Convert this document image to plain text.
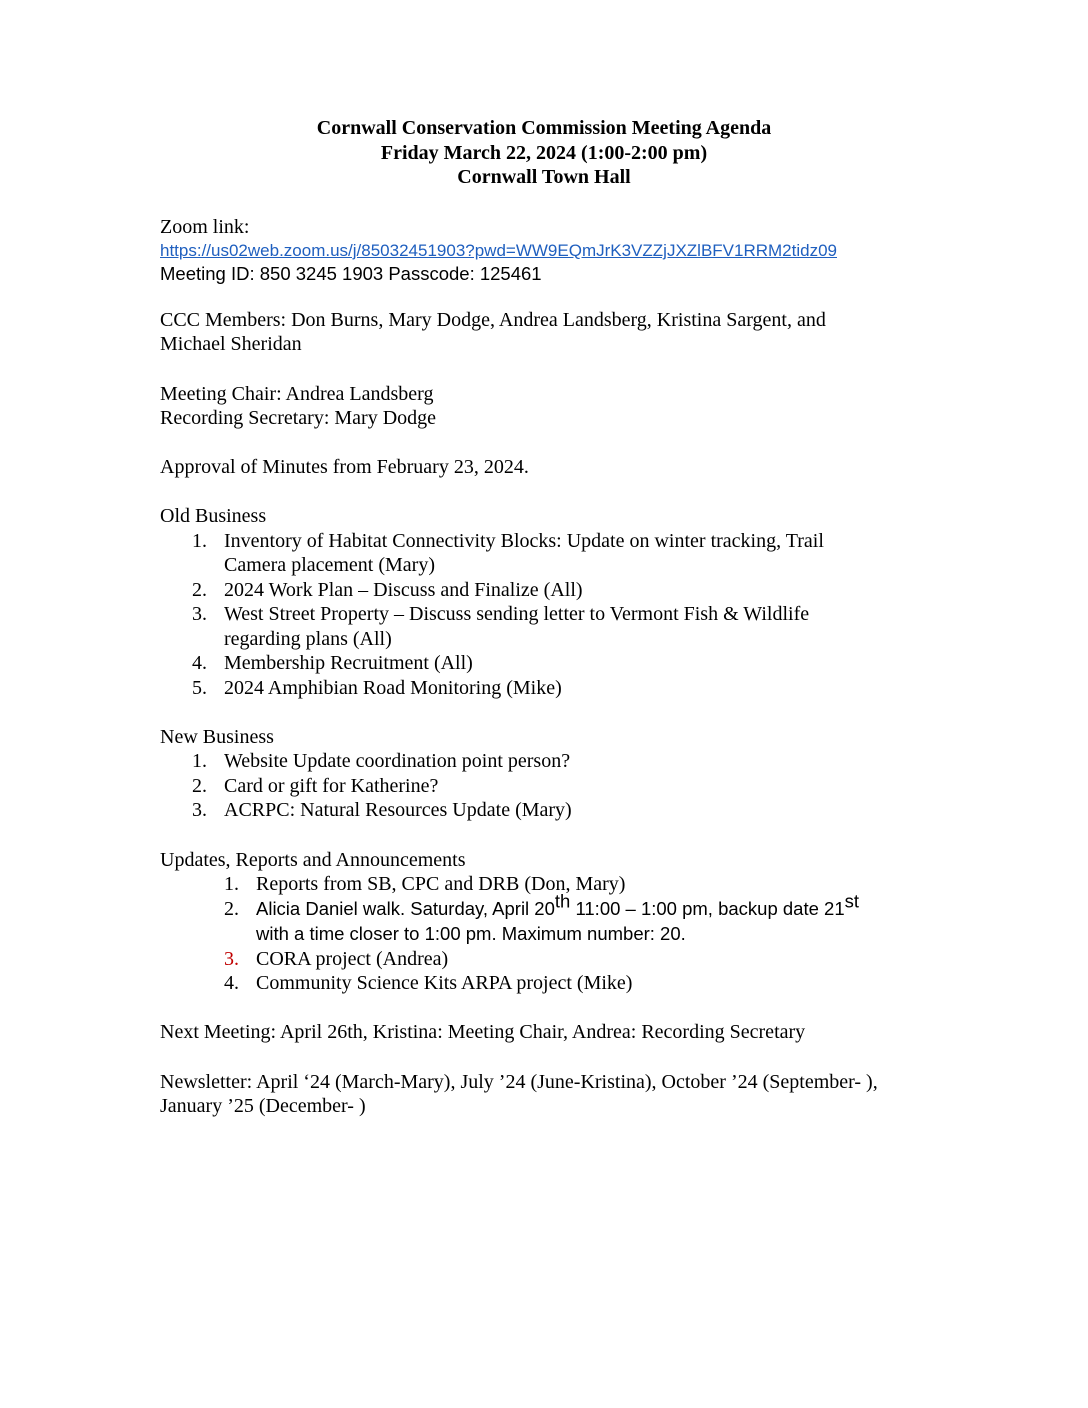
Cornwall Conservation Commission Meeting Agenda
Friday March 22, 2024 (1:00-2:00 pm)
Cornwall Town Hall
Zoom link:
https://us02web.zoom.us/j/85032451903?pwd=WW9EQmJrK3VZZjJXZlBFV1RRM2tidz09
Meeting ID: 850 3245 1903 Passcode: 125461
CCC Members: Don Burns, Mary Dodge, Andrea Landsberg, Kristina Sargent, and
Michael Sheridan
Meeting Chair: Andrea Landsberg
Recording Secretary: Mary Dodge
Approval of Minutes from February 23, 2024.
Old Business
1. Inventory of Habitat Connectivity Blocks: Update on winter tracking, Trail
Camera placement (Mary)
2. 2024 Work Plan – Discuss and Finalize (All)
3. West Street Property – Discuss sending letter to Vermont Fish & Wildlife
regarding plans (All)
4. Membership Recruitment (All)
5. 2024 Amphibian Road Monitoring (Mike)
New Business
1. Website Update coordination point person?
2. Card or gift for Katherine?
3. ACRPC: Natural Resources Update (Mary)
Updates, Reports and Announcements
1. Reports from SB, CPC and DRB (Don, Mary)
2. Alicia Daniel walk. Saturday, April 20th 11:00 – 1:00 pm, backup date 21st
with a time closer to 1:00 pm. Maximum number: 20.
3. CORA project (Andrea)
4. Community Science Kits ARPA project (Mike)
Next Meeting: April 26th, Kristina: Meeting Chair, Andrea: Recording Secretary
Newsletter: April ‘24 (March-Mary), July ’24 (June-Kristina), October ’24 (September- ),
January ’25 (December- )
